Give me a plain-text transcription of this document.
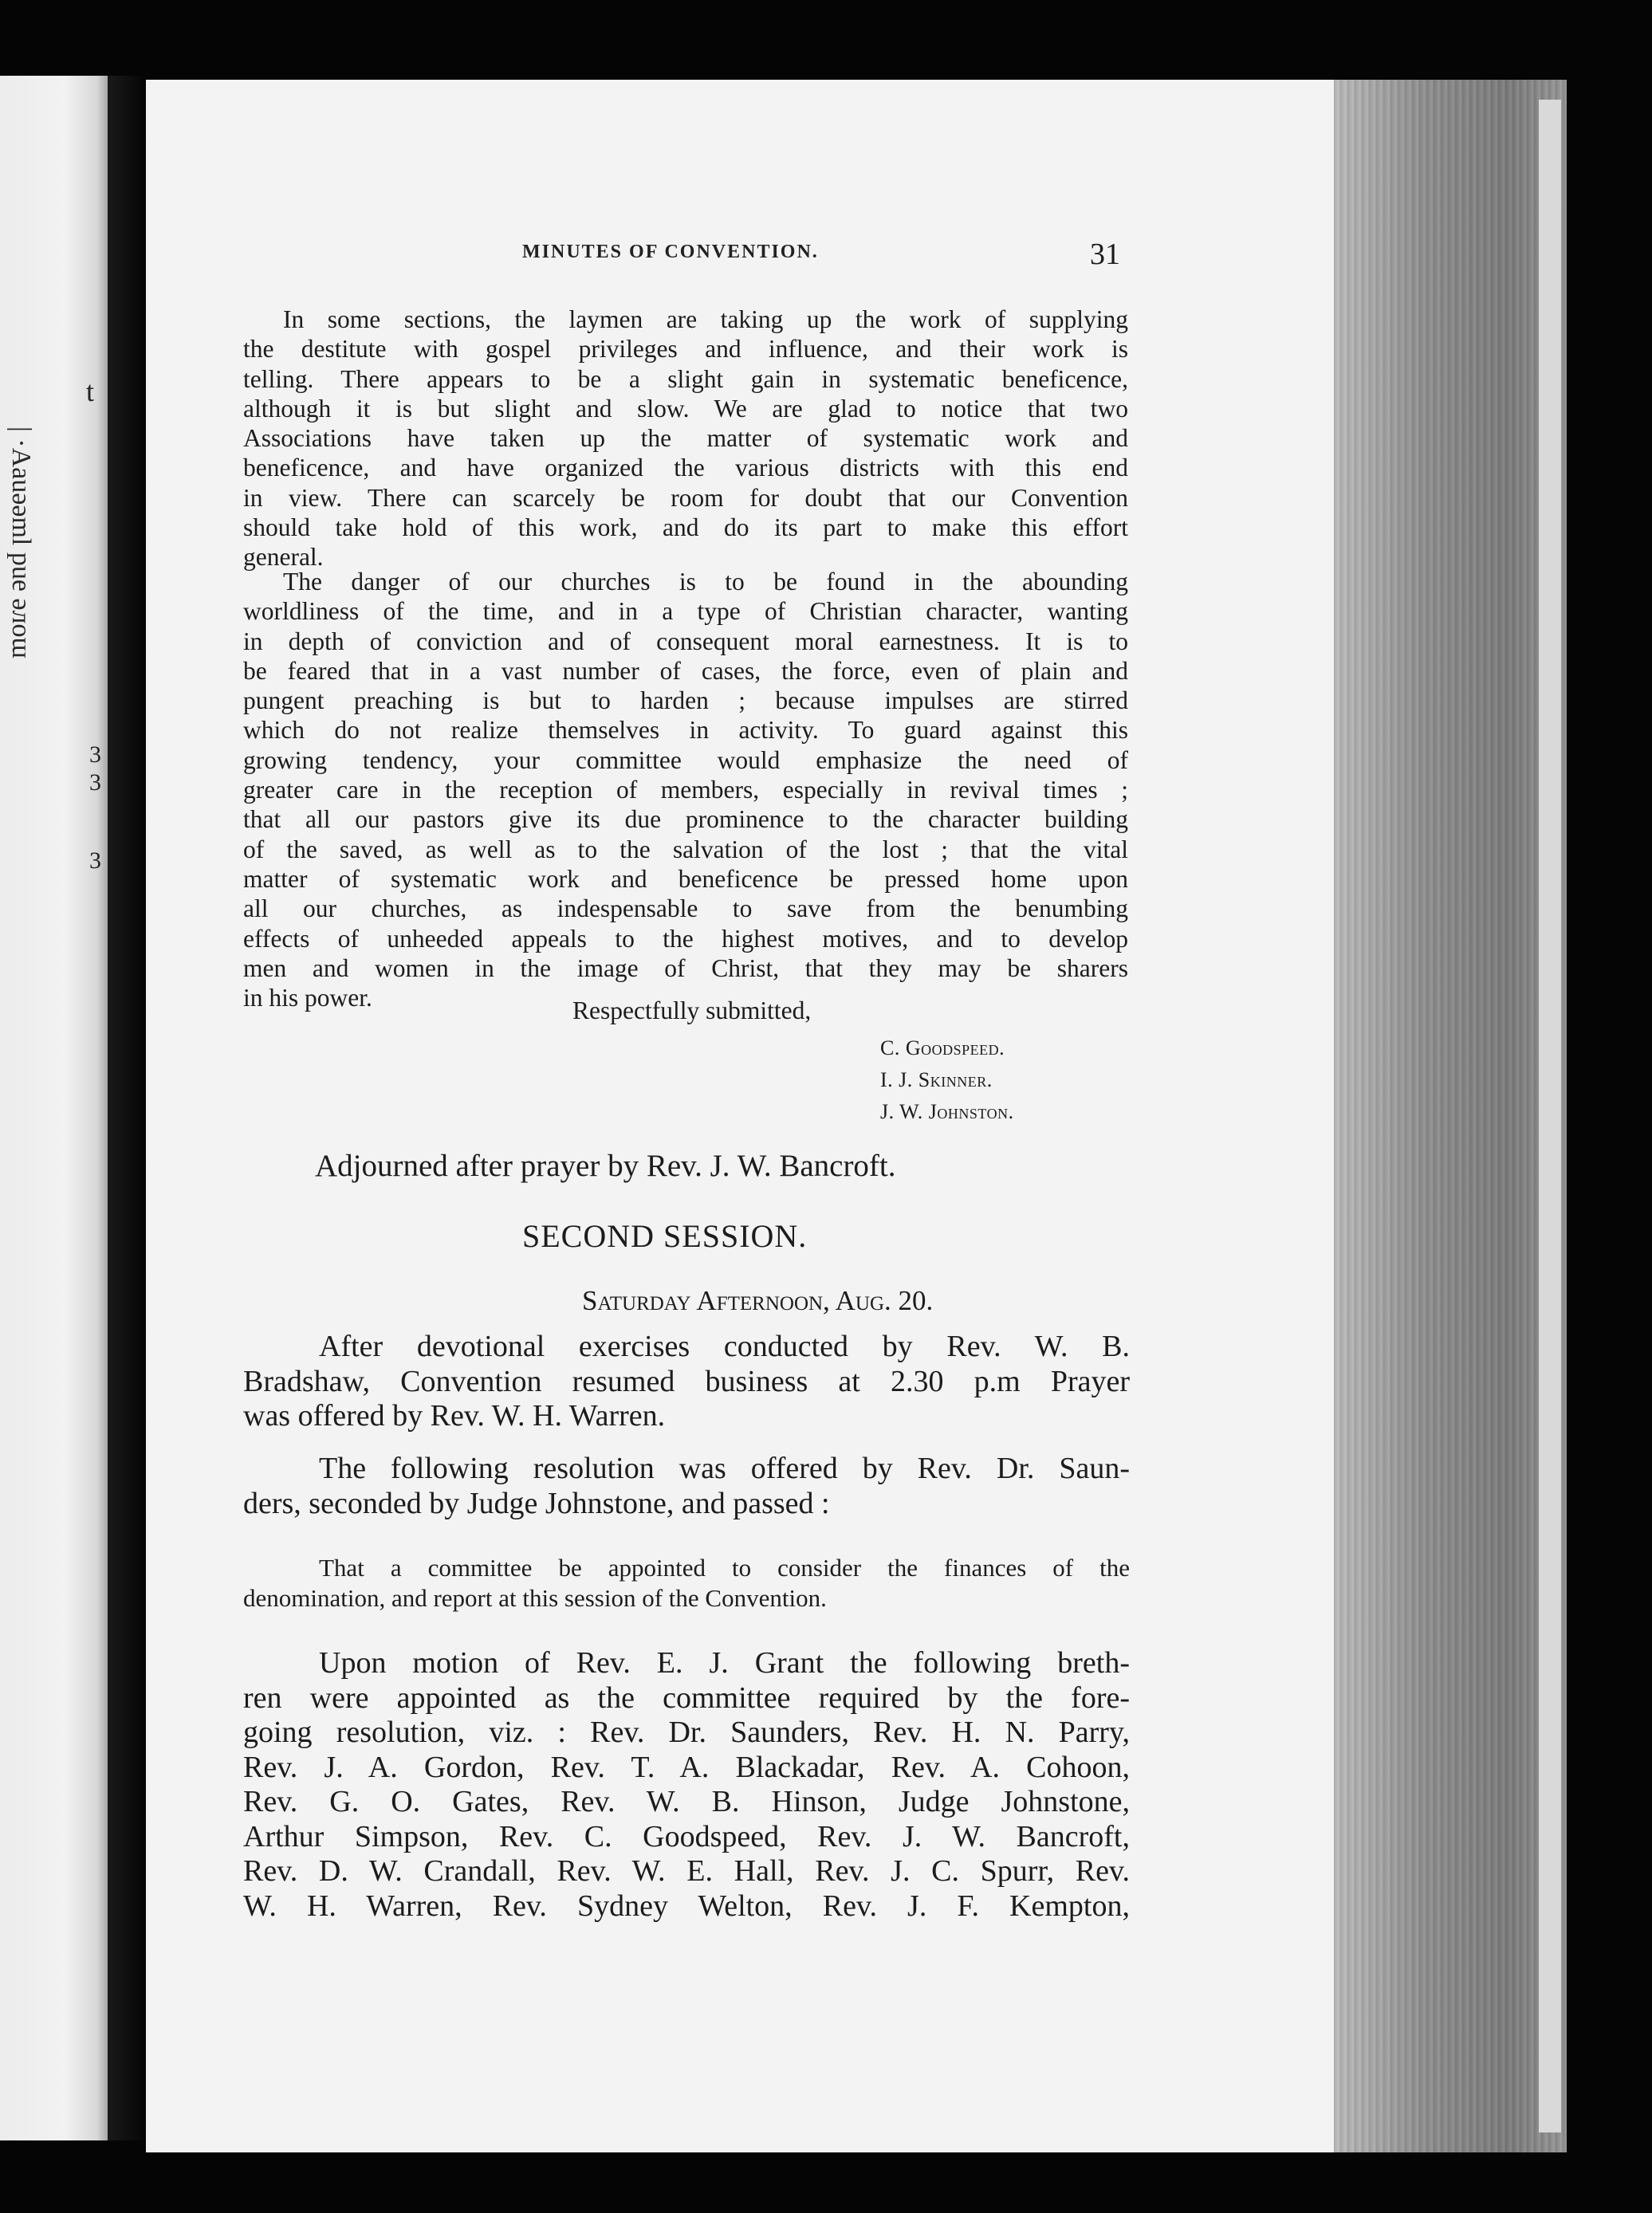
t
| ·Aauəәml pue əлoɯ
3
3
3
MINUTES OF CONVENTION.	31
In some sections, the laymen are taking up the work of supplying
the destitute with gospel privileges and influence, and their work is
telling. There appears to be a slight gain in systematic beneficence,
although it is but slight and slow. We are glad to notice that two
Associations have taken up the matter of systematic work and
beneficence, and have organized the various districts with this end
in view. There can scarcely be room for doubt that our Convention
should take hold of this work, and do its part to make this effort
general.
The danger of our churches is to be found in the abounding
worldliness of the time, and in a type of Christian character, wanting
in depth of conviction and of consequent moral earnestness. It is to
be feared that in a vast number of cases, the force, even of plain and
pungent preaching is but to harden ; because impulses are stirred
which do not realize themselves in activity. To guard against this
growing tendency, your committee would emphasize the need of
greater care in the reception of members, especially in revival times ;
that all our pastors give its due prominence to the character building
of the saved, as well as to the salvation of the lost ; that the vital
matter of systematic work and beneficence be pressed home upon
all our churches, as indespensable to save from the benumbing
effects of unheeded appeals to the highest motives, and to develop
men and women in the image of Christ, that they may be sharers
in his power.	Respectfully submitted,
C. Goodspeed.
I. J. Skinner.
J. W. Johnston.
Adjourned after prayer by Rev. J. W. Bancroft.
SECOND SESSION.
Saturday Afternoon, Aug. 20.
After devotional exercises conducted by Rev. W. B.
Bradshaw, Convention resumed business at 2.30 p.m Prayer
was offered by Rev. W. H. Warren.
The following resolution was offered by Rev. Dr. Saun-
ders, seconded by Judge Johnstone, and passed :
That a committee be appointed to consider the finances of the
denomination, and report at this session of the Convention.
Upon motion of Rev. E. J. Grant the following breth-
ren were appointed as the committee required by the fore-
going resolution, viz. : Rev. Dr. Saunders, Rev. H. N. Parry,
Rev. J. A. Gordon, Rev. T. A. Blackadar, Rev. A. Cohoon,
Rev. G. O. Gates, Rev. W. B. Hinson, Judge Johnstone,
Arthur Simpson, Rev. C. Goodspeed, Rev. J. W. Bancroft,
Rev. D. W. Crandall, Rev. W. E. Hall, Rev. J. C. Spurr, Rev.
W. H. Warren, Rev. Sydney Welton, Rev. J. F. Kempton,
